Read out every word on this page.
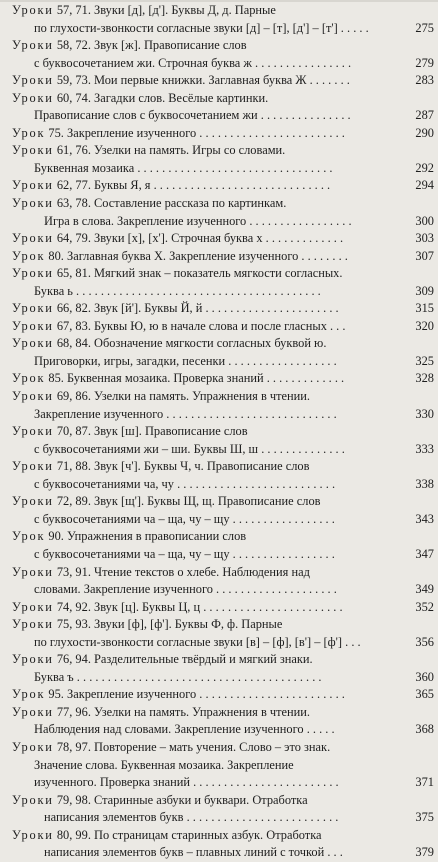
Уроки 57, 71. Звуки [д], [д']. Буквы Д, д. Парные
по глухости-звонкости согласные звуки [д] – [т], [д'] – [т'] . . . . .	275
Уроки 58, 72. Звук [ж]. Правописание слов
с буквосочетанием жи. Строчная буква ж . . . . . . . . . . . . . . . .	279
Уроки 59, 73. Мои первые книжки. Заглавная буква Ж . . . . . . .	283
Уроки 60, 74. Загадки слов. Весёлые картинки.
Правописание слов с буквосочетанием жи . . . . . . . . . . . . . . .	287
Урок 75. Закрепление изученного . . . . . . . . . . . . . . . . . . . . . . . .	290
Уроки 61, 76. Узелки на память. Игры со словами.
Буквенная мозаика . . . . . . . . . . . . . . . . . . . . . . . . . . . . . . . .	292
Уроки 62, 77. Буквы Я, я . . . . . . . . . . . . . . . . . . . . . . . . . . . . .	294
Уроки 63, 78. Составление рассказа по картинкам.
Игра в слова. Закрепление изученного . . . . . . . . . . . . . . . . .	300
Уроки 64, 79. Звуки [х], [х']. Строчная буква х . . . . . . . . . . . . .	303
Урок 80. Заглавная буква Х. Закрепление изученного . . . . . . . .	307
Уроки 65, 81. Мягкий знак – показатель мягкости согласных.
Буква ь . . . . . . . . . . . . . . . . . . . . . . . . . . . . . . . . . . . . . . . .	309
Уроки 66, 82. Звук [й']. Буквы Й, й . . . . . . . . . . . . . . . . . . . . . .	315
Уроки 67, 83. Буквы Ю, ю в начале слова и после гласных . . .	320
Уроки 68, 84. Обозначение мягкости согласных буквой ю.
Приговорки, игры, загадки, песенки . . . . . . . . . . . . . . . . . .	325
Урок 85. Буквенная мозаика. Проверка знаний . . . . . . . . . . . . .	328
Уроки 69, 86. Узелки на память. Упражнения в чтении.
Закрепление изученного . . . . . . . . . . . . . . . . . . . . . . . . . . . .	330
Уроки 70, 87. Звук [ш]. Правописание слов
с буквосочетаниями жи – ши. Буквы Ш, ш . . . . . . . . . . . . . .	333
Уроки 71, 88. Звук [ч']. Буквы Ч, ч. Правописание слов
с буквосочетаниями ча, чу . . . . . . . . . . . . . . . . . . . . . . . . . .	338
Уроки 72, 89. Звук [щ']. Буквы Щ, щ. Правописание слов
с буквосочетаниями ча – ща, чу – щу . . . . . . . . . . . . . . . . .	343
Урок 90. Упражнения в правописании слов
с буквосочетаниями ча – ща, чу – щу . . . . . . . . . . . . . . . . .	347
Уроки 73, 91. Чтение текстов о хлебе. Наблюдения над
словами. Закрепление изученного . . . . . . . . . . . . . . . . . . . .	349
Уроки 74, 92. Звук [ц]. Буквы Ц, ц . . . . . . . . . . . . . . . . . . . . . . .	352
Уроки 75, 93. Звуки [ф], [ф']. Буквы Ф, ф. Парные
по глухости-звонкости согласные звуки [в] – [ф], [в'] – [ф'] . . .	356
Уроки 76, 94. Разделительные твёрдый и мягкий знаки.
Буква ъ . . . . . . . . . . . . . . . . . . . . . . . . . . . . . . . . . . . . . . . .	360
Урок 95. Закрепление изученного . . . . . . . . . . . . . . . . . . . . . . . .	365
Уроки 77, 96. Узелки на память. Упражнения в чтении.
Наблюдения над словами. Закрепление изученного . . . . .	368
Уроки 78, 97. Повторение – мать учения. Слово – это знак.
Значение слова. Буквенная мозаика. Закрепление
изученного. Проверка знаний . . . . . . . . . . . . . . . . . . . . . . . .	371
Уроки 79, 98. Старинные азбуки и буквари. Отработка
написания элементов букв . . . . . . . . . . . . . . . . . . . . . . . . .	375
Уроки 80, 99. По страницам старинных азбук. Отработка
написания элементов букв – плавных линий с точкой . . .	379
